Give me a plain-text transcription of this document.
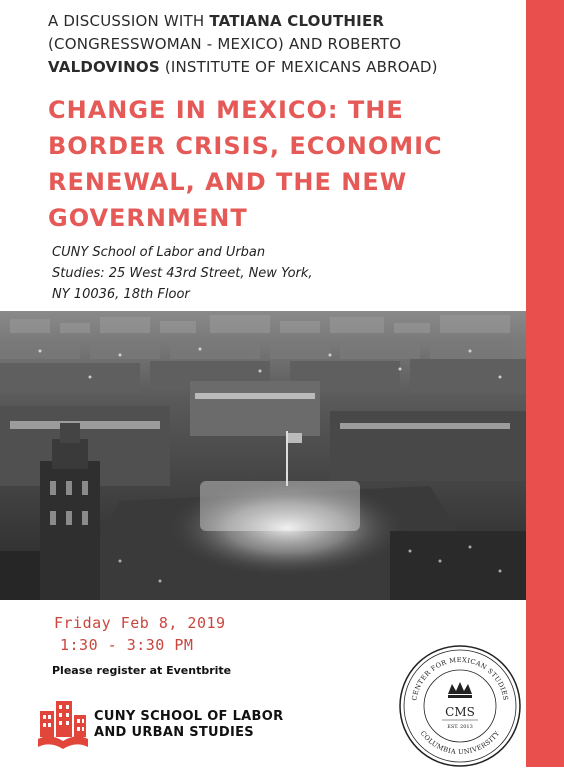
A DISCUSSION WITH TATIANA CLOUTHIER
(CONGRESSWOMAN - MEXICO) AND ROBERTO
VALDOVINOS (INSTITUTE OF MEXICANS ABROAD)
CHANGE IN MEXICO: THE
BORDER CRISIS, ECONOMIC
RENEWAL, AND THE NEW
GOVERNMENT
CUNY School of Labor and Urban
Studies: 25 West 43rd Street, New York,
NY 10036, 18th Floor
Friday Feb 8, 2019
1:30 - 3:30 PM
Please register at Eventbrite
CUNY SCHOOL OF LABOR
AND URBAN STUDIES
CENTER FOR MEXICAN STUDIES
COLUMBIA UNIVERSITY
CMS
EST. 2013
